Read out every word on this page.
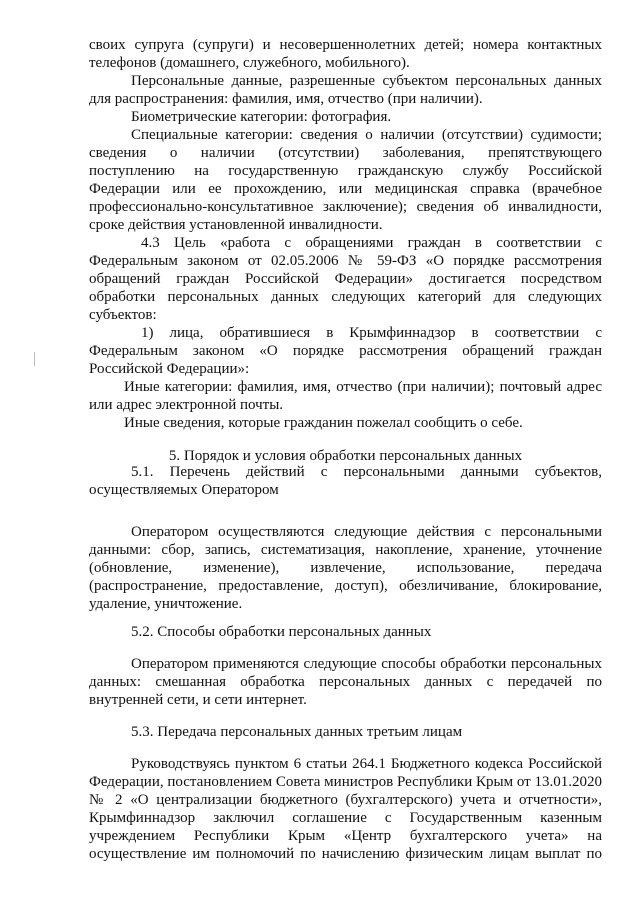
своих супруга (супруги) и несовершеннолетних детей; номера контактных
телефонов (домашнего, служебного, мобильного).
Персональные данные, разрешенные субъектом персональных данных
для распространения: фамилия, имя, отчество (при наличии).
Биометрические категории: фотография.
Специальные категории: сведения о наличии (отсутствии) судимости;
сведения о наличии (отсутствии) заболевания, препятствующего
поступлению на государственную гражданскую службу Российской
Федерации или ее прохождению, или медицинская справка (врачебное
профессионально-консультативное заключение); сведения об инвалидности,
сроке действия установленной инвалидности.
4.3 Цель «работа с обращениями граждан в соответствии с
Федеральным законом от 02.05.2006 № 59-ФЗ «О порядке рассмотрения
обращений граждан Российской Федерации» достигается посредством
обработки персональных данных следующих категорий для следующих
субъектов:
1) лица, обратившиеся в Крымфиннадзор в соответствии с
Федеральным законом «О порядке рассмотрения обращений граждан
Российской Федерации»:
Иные категории: фамилия, имя, отчество (при наличии); почтовый адрес
или адрес электронной почты.
Иные сведения, которые гражданин пожелал сообщить о себе.
5. Порядок и условия обработки персональных данных
5.1. Перечень действий с персональными данными субъектов,
осуществляемых Оператором
Оператором осуществляются следующие действия с персональными
данными: сбор, запись, систематизация, накопление, хранение, уточнение
(обновление, изменение), извлечение, использование, передача
(распространение, предоставление, доступ), обезличивание, блокирование,
удаление, уничтожение.
5.2. Способы обработки персональных данных
Оператором применяются следующие способы обработки персональных
данных: смешанная обработка персональных данных с передачей по
внутренней сети, и сети интернет.
5.3. Передача персональных данных третьим лицам
Руководствуясь пунктом 6 статьи 264.1 Бюджетного кодекса Российской
Федерации, постановлением Совета министров Республики Крым от 13.01.2020
№ 2 «О централизации бюджетного (бухгалтерского) учета и отчетности»,
Крымфиннадзор заключил соглашение с Государственным казенным
учреждением Республики Крым «Центр бухгалтерского учета» на
осуществление им полномочий по начислению физическим лицам выплат по
